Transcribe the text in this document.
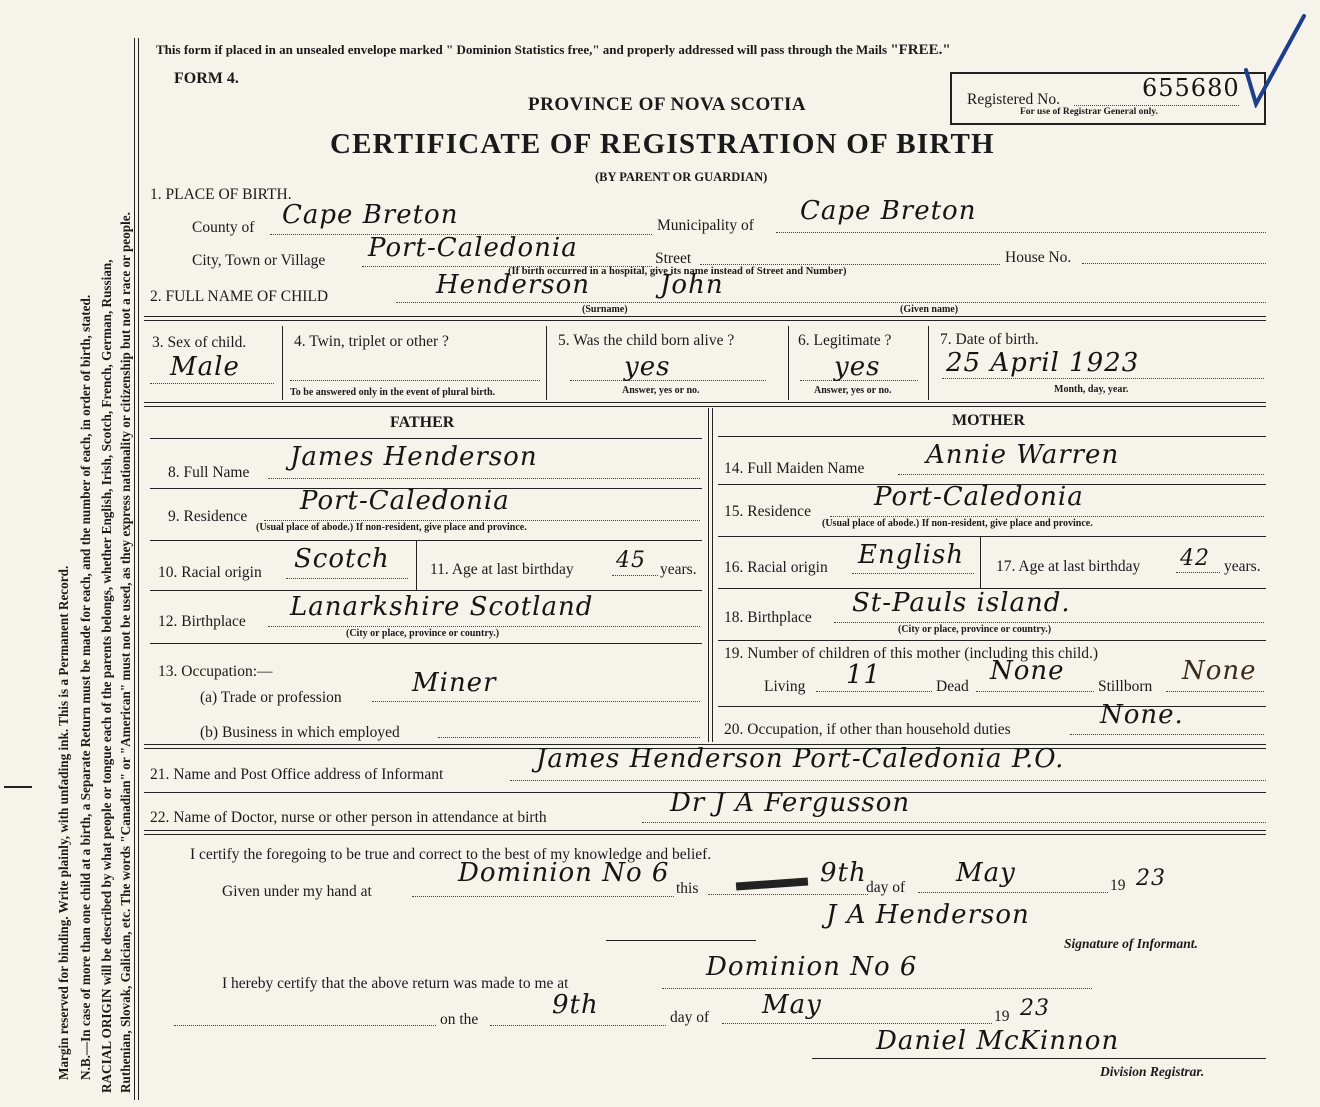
Margin reserved for binding. Write plainly, with unfading ink. This is a Permanent Record. N.B.—In case of more than one child at a birth, a Separate Return must be made for each, and the number of each, in order of birth, stated. RACIAL ORIGIN will be described by what people or tongue each of the parents belongs, whether English, Irish, Scotch, French, German, Russian, Ruthenian, Slovak, Galician, etc. The words "Canadian" or "American" must not be used, as they express nationality or citizenship but not a race or people.
This form if placed in an unsealed envelope marked " Dominion Statistics free," and properly addressed will pass through the Mails "FREE."
FORM 4.
PROVINCE OF NOVA SCOTIA
CERTIFICATE OF REGISTRATION OF BIRTH
(BY PARENT OR GUARDIAN)
Registered No.	655680
For use of Registrar General only.
1. PLACE OF BIRTH.
County of Cape Breton	Municipality of Cape Breton
City, Town or Village Port-Caledonia	Street	House No.
(If birth occurred in a hospital, give its name instead of Street and Number)
2. FULL NAME OF CHILD	Henderson	John
(Surname)	(Given name)
3. Sex of child.
Male
4. Twin, triplet or other ?
To be answered only in the event of plural birth.
5. Was the child born alive ?
yes
Answer, yes or no.
6. Legitimate ?
yes
Answer, yes or no.
7. Date of birth.
25 April 1923
Month, day, year.
FATHER	MOTHER
8. Full Name
James Henderson
9. Residence
Port-Caledonia
(Usual place of abode.) If non-resident, give place and province.
10. Racial origin Scotch	11. Age at last birthday 45 years.
12. Birthplace Lanarkshire Scotland
(City or place, province or country.)
13. Occupation:—
(a) Trade or profession	Miner
(b) Business in which employed
14. Full Maiden Name Annie Warren
15. Residence Port-Caledonia
(Usual place of abode.) If non-resident, give place and province.
16. Racial origin English 17. Age at last birthday 42 years.
18. Birthplace St-Pauls island.
(City or place, province or country.)
19. Number of children of this mother (including this child.)
Living 11	Dead
None
Stillborn
None
20. Occupation, if other than household duties	None.
21. Name and Post Office address of Informant
James Henderson Port-Caledonia P.O.
22. Name of Doctor, nurse or other person in attendance at birth	Dr J A Fergusson
I certify the foregoing to be true and correct to the best of my knowledge and belief.
Given under my hand at
Dominion No 6
this
9th day of May	19 23
J A Henderson
Signature of Informant.
I hereby certify that the above return was made to me at
Dominion No 6
on the	9th	day of May	19 23
Daniel McKinnon
Division Registrar.
